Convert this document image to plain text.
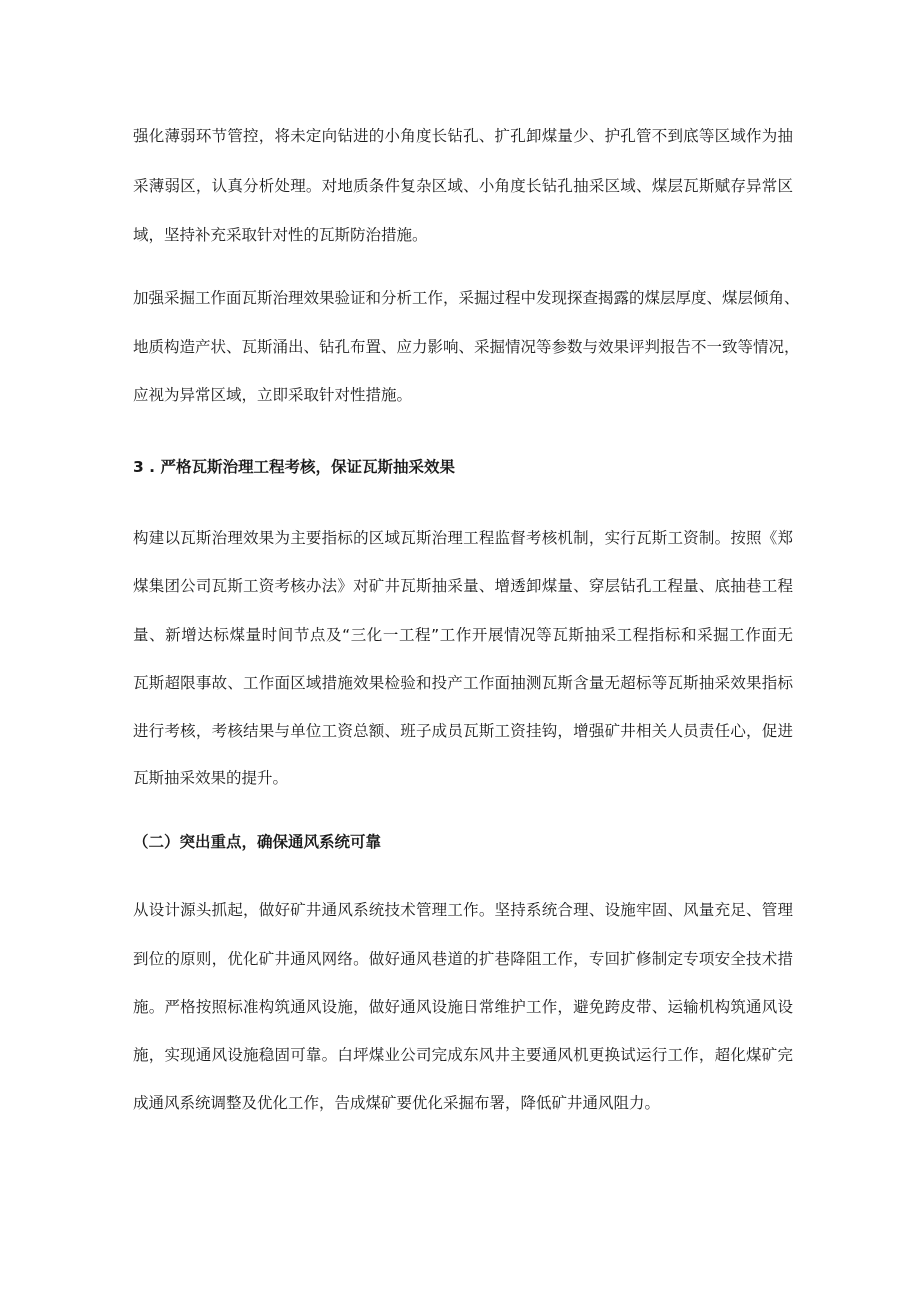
强化薄弱环节管控，将未定向钻进的小角度长钻孔、扩孔卸煤量少、护孔管不到底等区域作为抽
采薄弱区，认真分析处理。对地质条件复杂区域、小角度长钻孔抽采区域、煤层瓦斯赋存异常区
域，坚持补充采取针对性的瓦斯防治措施。
加强采掘工作面瓦斯治理效果验证和分析工作，采掘过程中发现探查揭露的煤层厚度、煤层倾角、
地质构造产状、瓦斯涌出、钻孔布置、应力影响、采掘情况等参数与效果评判报告不一致等情况，
应视为异常区域，立即采取针对性措施。
3 . 严格瓦斯治理工程考核，保证瓦斯抽采效果
构建以瓦斯治理效果为主要指标的区域瓦斯治理工程监督考核机制，实行瓦斯工资制。按照《郑
煤集团公司瓦斯工资考核办法》对矿井瓦斯抽采量、增透卸煤量、穿层钻孔工程量、底抽巷工程
量、新增达标煤量时间节点及“三化一工程”工作开展情况等瓦斯抽采工程指标和采掘工作面无
瓦斯超限事故、工作面区域措施效果检验和投产工作面抽测瓦斯含量无超标等瓦斯抽采效果指标
进行考核，考核结果与单位工资总额、班子成员瓦斯工资挂钩，增强矿井相关人员责任心，促进
瓦斯抽采效果的提升。
（二）突出重点，确保通风系统可靠
从设计源头抓起，做好矿井通风系统技术管理工作。坚持系统合理、设施牢固、风量充足、管理
到位的原则，优化矿井通风网络。做好通风巷道的扩巷降阻工作，专回扩修制定专项安全技术措
施。严格按照标准构筑通风设施，做好通风设施日常维护工作，避免跨皮带、运输机构筑通风设
施，实现通风设施稳固可靠。白坪煤业公司完成东风井主要通风机更换试运行工作，超化煤矿完
成通风系统调整及优化工作，告成煤矿要优化采掘布署，降低矿井通风阻力。
